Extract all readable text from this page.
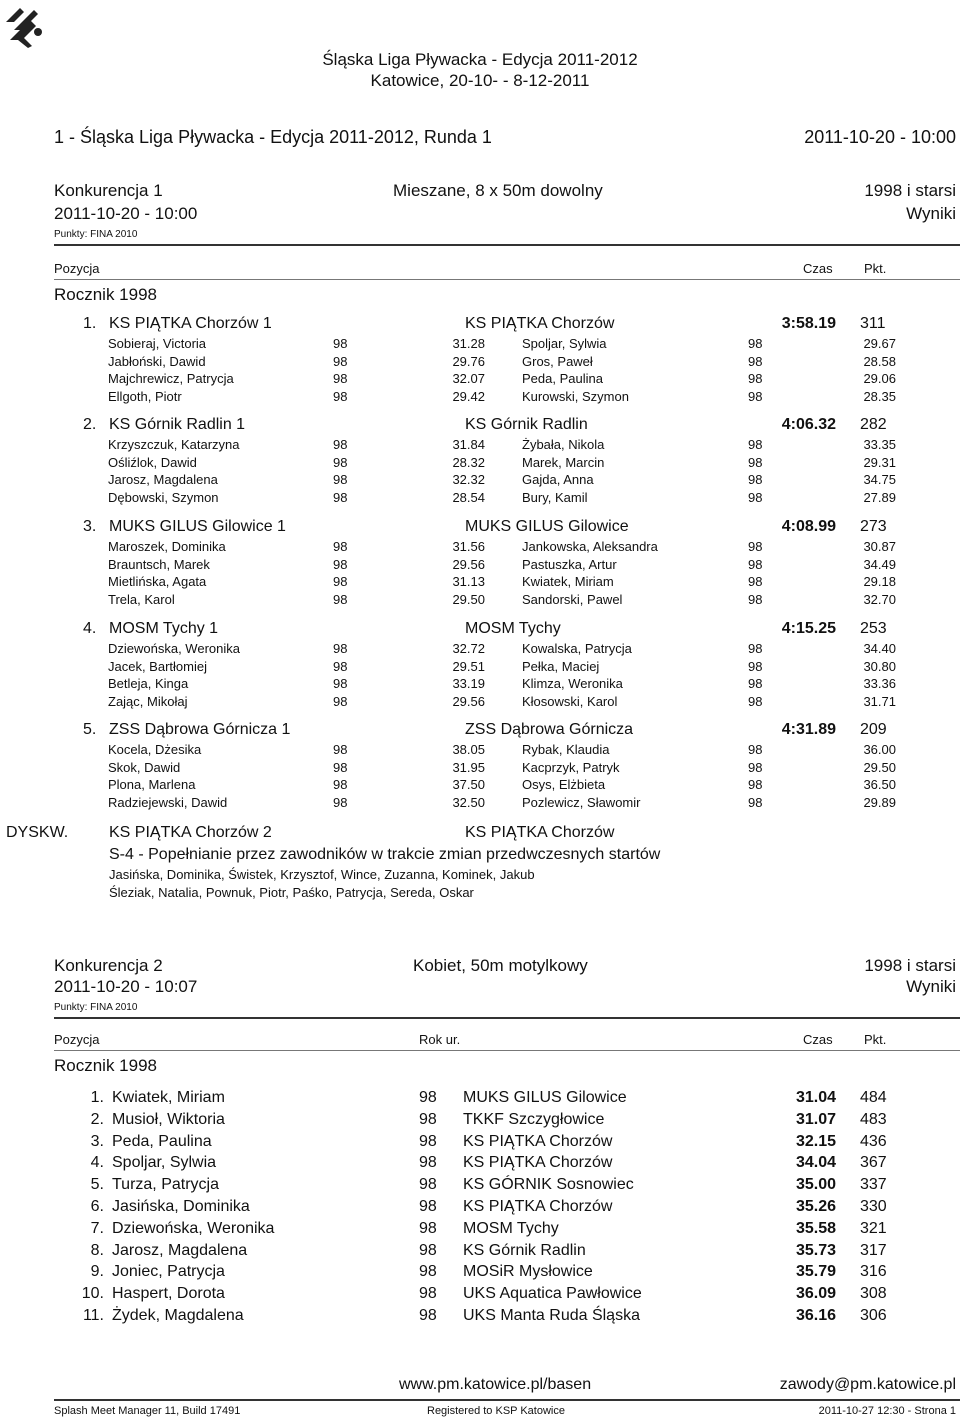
Śląska Liga Pływacka - Edycja 2011-2012
Katowice, 20-10- - 8-12-2011
1 - Śląska Liga Pływacka - Edycja 2011-2012, Runda 1	2011-10-20 - 10:00
Konkurencja 1	Mieszane, 8 x 50m dowolny	1998 i starsi
2011-10-20 - 10:00	Wyniki
Punkty: FINA 2010
Pozycja	Czas Pkt.
Rocznik 1998
1. KS PIĄTKA Chorzów 1	KS PIĄTKA Chorzów	3:58.19 311
Sobieraj, Victoria	98	31.28	Spoljar, Sylwia	98	29.67
Jabłoński, Dawid	98	29.76	Gros, Paweł	98	28.58
Majchrewicz, Patrycja	98	32.07	Peda, Paulina	98	29.06
Ellgoth, Piotr	98	29.42	Kurowski, Szymon	98	28.35
2. KS Górnik Radlin 1	KS Górnik Radlin	4:06.32 282
Krzyszczuk, Katarzyna	98	31.84	Żybała, Nikola	98	33.35
Ośliźlok, Dawid	98	28.32	Marek, Marcin	98	29.31
Jarosz, Magdalena	98	32.32	Gajda, Anna	98	34.75
Dębowski, Szymon	98	28.54	Bury, Kamil	98	27.89
3. MUKS GILUS Gilowice 1	MUKS GILUS Gilowice	4:08.99 273
Maroszek, Dominika	98	31.56	Jankowska, Aleksandra	98	30.87
Brauntsch, Marek	98	29.56	Pastuszka, Artur	98	34.49
Mietlińska, Agata	98	31.13	Kwiatek, Miriam	98	29.18
Trela, Karol	98	29.50	Sandorski, Pawel	98	32.70
4. MOSM Tychy 1	MOSM Tychy	4:15.25 253
Dziewońska, Weronika	98	32.72	Kowalska, Patrycja	98	34.40
Jacek, Bartłomiej	98	29.51	Pełka, Maciej	98	30.80
Betleja, Kinga	98	33.19	Klimza, Weronika	98	33.36
Zając, Mikołaj	98	29.56	Kłosowski, Karol	98	31.71
5. ZSS Dąbrowa Górnicza 1	ZSS Dąbrowa Górnicza	4:31.89 209
Kocela, Dżesika	98	38.05	Rybak, Klaudia	98	36.00
Skok, Dawid	98	31.95	Kacprzyk, Patryk	98	29.50
Plona, Marlena	98	37.50	Osys, Elżbieta	98	36.50
Radziejewski, Dawid	98	32.50	Pozlewicz, Sławomir	98	29.89
DYSKW.	KS PIĄTKA Chorzów 2	KS PIĄTKA Chorzów
S-4 - Popełnianie przez zawodników w trakcie zmian przedwczesnych startów
Jasińska, Dominika, Świstek, Krzysztof, Wince, Zuzanna, Kominek, Jakub
Śleziak, Natalia, Pownuk, Piotr, Paśko, Patrycja, Sereda, Oskar
Konkurencja 2	Kobiet, 50m motylkowy	1998 i starsi
2011-10-20 - 10:07	Wyniki
Punkty: FINA 2010
Pozycja	Rok ur.	Czas Pkt.
Rocznik 1998
1. Kwiatek, Miriam	98 MUKS GILUS Gilowice	31.04 484
2. Musioł, Wiktoria	98 TKKF Szczygłowice	31.07 483
3. Peda, Paulina	98 KS PIĄTKA Chorzów	32.15 436
4. Spoljar, Sylwia	98 KS PIĄTKA Chorzów	34.04 367
5. Turza, Patrycja	98 KS GÓRNIK Sosnowiec	35.00 337
6. Jasińska, Dominika	98 KS PIĄTKA Chorzów	35.26 330
7. Dziewońska, Weronika	98 MOSM Tychy	35.58 321
8. Jarosz, Magdalena	98 KS Górnik Radlin	35.73 317
9. Joniec, Patrycja	98 MOSiR Mysłowice	35.79 316
10. Haspert, Dorota	98 UKS Aquatica Pawłowice	36.09 308
11. Żydek, Magdalena	98 UKS Manta Ruda Śląska	36.16 306
www.pm.katowice.pl/basen	zawody@pm.katowice.pl
Splash Meet Manager 11, Build 17491	Registered to KSP Katowice	2011-10-27 12:30 - Strona 1
